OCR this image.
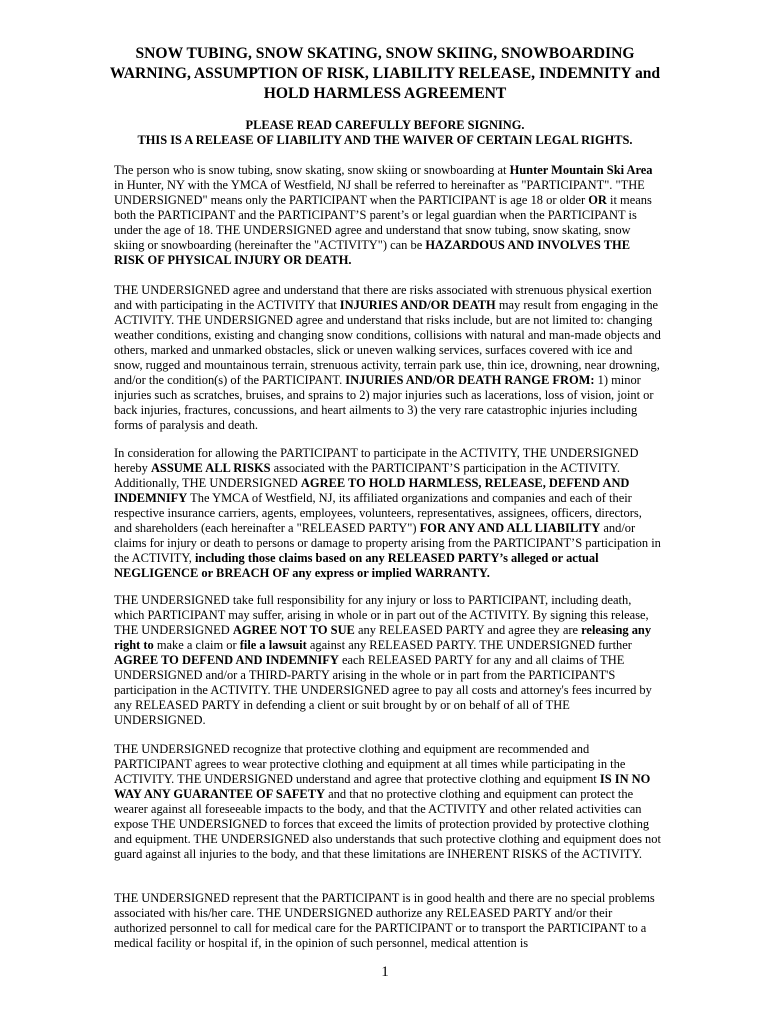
SNOW TUBING, SNOW SKATING, SNOW SKIING, SNOWBOARDING
WARNING, ASSUMPTION OF RISK, LIABILITY RELEASE, INDEMNITY and
HOLD HARMLESS AGREEMENT
PLEASE READ CAREFULLY BEFORE SIGNING.
THIS IS A RELEASE OF LIABILITY AND THE WAIVER OF CERTAIN LEGAL RIGHTS.

The person who is snow tubing, snow skating, snow skiing or snowboarding at Hunter Mountain Ski Area in Hunter, NY with the YMCA of Westfield, NJ shall be referred to hereinafter as "PARTICIPANT". "THE UNDERSIGNED" means only the PARTICIPANT when the PARTICIPANT is age 18 or older OR it means both the PARTICIPANT and the PARTICIPANT’S parent’s or legal guardian when the PARTICIPANT is under the age of 18. THE UNDERSIGNED agree and understand that snow tubing, snow skating, snow skiing or snowboarding (hereinafter the "ACTIVITY") can be HAZARDOUS AND INVOLVES THE RISK OF PHYSICAL INJURY OR DEATH.

THE UNDERSIGNED agree and understand that there are risks associated with strenuous physical exertion and with participating in the ACTIVITY that INJURIES AND/OR DEATH may result from engaging in the ACTIVITY. THE UNDERSIGNED agree and understand that risks include, but are not limited to: changing weather conditions, existing and changing snow conditions, collisions with natural and man-made objects and others, marked and unmarked obstacles, slick or uneven walking services, surfaces covered with ice and snow, rugged and mountainous terrain, strenuous activity, terrain park use, thin ice, drowning, near drowning, and/or the condition(s) of the PARTICIPANT. INJURIES AND/OR DEATH RANGE FROM: 1) minor injuries such as scratches, bruises, and sprains to 2) major injuries such as lacerations, loss of vision, joint or back injuries, fractures, concussions, and heart ailments to 3) the very rare catastrophic injuries including forms of paralysis and death.

In consideration for allowing the PARTICIPANT to participate in the ACTIVITY, THE UNDERSIGNED hereby ASSUME ALL RISKS associated with the PARTICIPANT’S participation in the ACTIVITY. Additionally, THE UNDERSIGNED AGREE TO HOLD HARMLESS, RELEASE, DEFEND AND INDEMNIFY The YMCA of Westfield, NJ, its affiliated organizations and companies and each of their respective insurance carriers, agents, employees, volunteers, representatives, assignees, officers, directors, and shareholders (each hereinafter a "RELEASED PARTY") FOR ANY AND ALL LIABILITY and/or claims for injury or death to persons or damage to property arising from the PARTICIPANT’S participation in the ACTIVITY, including those claims based on any RELEASED PARTY’s alleged or actual NEGLIGENCE or BREACH OF any express or implied WARRANTY.

THE UNDERSIGNED take full responsibility for any injury or loss to PARTICIPANT, including death, which PARTICIPANT may suffer, arising in whole or in part out of the ACTIVITY. By signing this release, THE UNDERSIGNED AGREE NOT TO SUE any RELEASED PARTY and agree they are releasing any right to make a claim or file a lawsuit against any RELEASED PARTY. THE UNDERSIGNED further AGREE TO DEFEND AND INDEMNIFY each RELEASED PARTY for any and all claims of THE UNDERSIGNED and/or a THIRD-PARTY arising in the whole or in part from the PARTICIPANT'S participation in the ACTIVITY. THE UNDERSIGNED agree to pay all costs and attorney's fees incurred by any RELEASED PARTY in defending a client or suit brought by or on behalf of all of THE UNDERSIGNED.

THE UNDERSIGNED recognize that protective clothing and equipment are recommended and PARTICIPANT agrees to wear protective clothing and equipment at all times while participating in the ACTIVITY. THE UNDERSIGNED understand and agree that protective clothing and equipment IS IN NO WAY ANY GUARANTEE OF SAFETY and that no protective clothing and equipment can protect the wearer against all foreseeable impacts to the body, and that the ACTIVITY and other related activities can expose THE UNDERSIGNED to forces that exceed the limits of protection provided by protective clothing and equipment. THE UNDERSIGNED also understands that such protective clothing and equipment does not guard against all injuries to the body, and that these limitations are INHERENT RISKS of the ACTIVITY.

THE UNDERSIGNED represent that the PARTICIPANT is in good health and there are no special problems associated with his/her care. THE UNDERSIGNED authorize any RELEASED PARTY and/or their authorized personnel to call for medical care for the PARTICIPANT or to transport the PARTICIPANT to a medical facility or hospital if, in the opinion of such personnel, medical attention is

1
